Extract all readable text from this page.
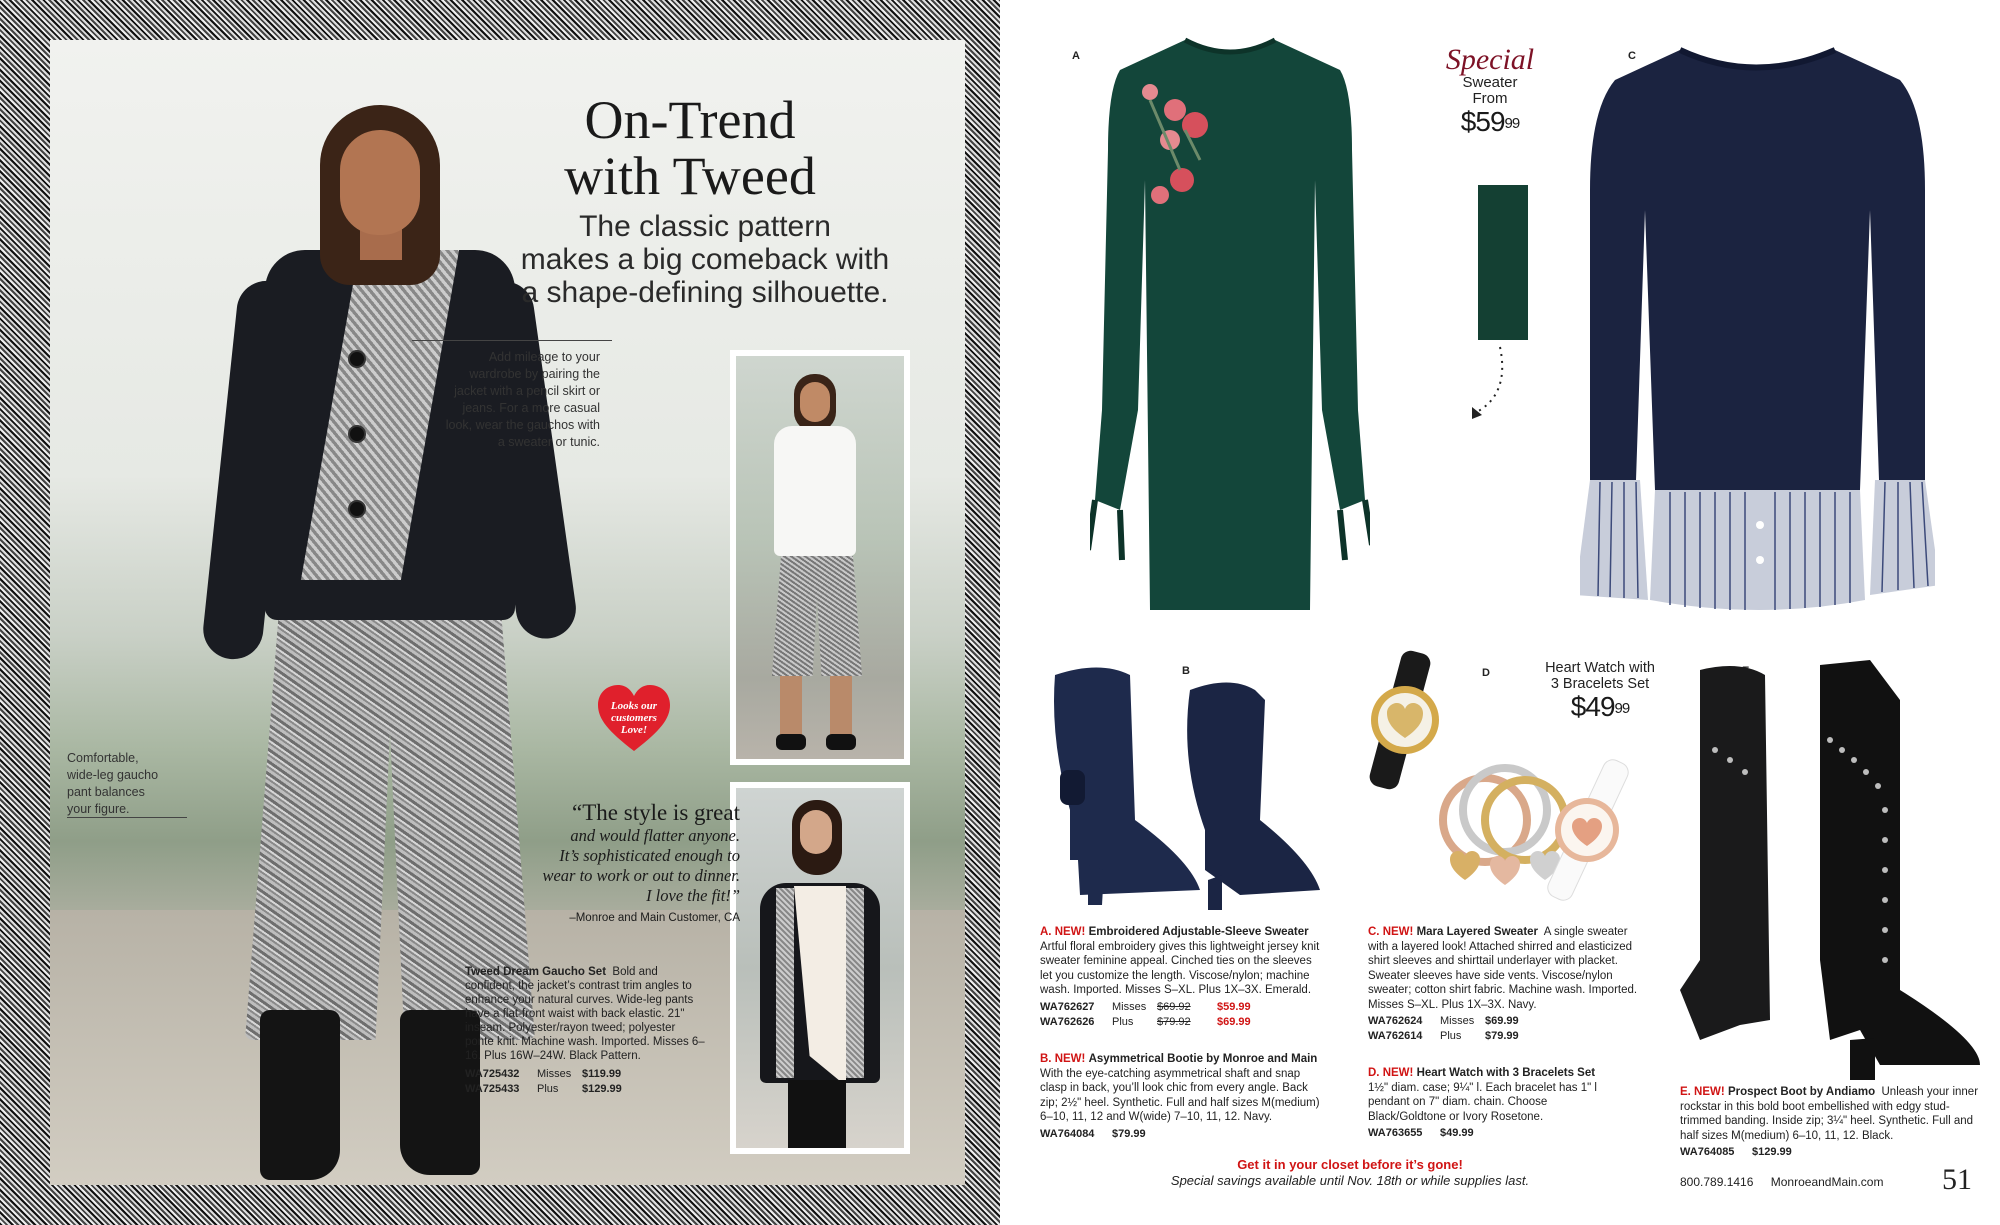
On-Trend
with Tweed
The classic pattern
makes a big comeback with
a shape-defining silhouette.
Add mileage to your wardrobe by pairing the jacket with a pencil skirt or jeans. For a more casual look, wear the gauchos with a sweater or tunic.
Looks our
customers
Love!
Comfortable, wide-leg gaucho pant balances your figure.	“The style is great
and would flatter anyone.
It’s sophisticated enough to
wear to work or out to dinner.
I love the fit!”
–Monroe and Main Customer, CA
Tweed Dream Gaucho Set Bold and confident, the jacket’s contrast trim angles to enhance your natural curves. Wide-leg pants have a flat-front waist with back elastic. 21" inseam. Polyester/rayon tweed; polyester ponte knit. Machine wash. Imported. Misses 6–16. Plus 16W–24W. Black Pattern.
WA725432	Misses $119.99
WA725433	Plus	$129.99
A	C
B	D
Special
Sweater
From
$\$59^{99}$
Heart Watch with
3 Bracelets Set
$\$49^{99}$
A. NEW! Embroidered Adjustable-Sleeve Sweater
Artful floral embroidery gives this lightweight jersey knit sweater feminine appeal. Cinched ties on the sleeves let you customize the length. Viscose/nylon; machine wash. Imported. Misses S–XL. Plus 1X–3X. Emerald.
WA762627	Misses $69.92	$59.99
WA762626	Plus	$79.92	$69.99
B. NEW! Asymmetrical Bootie by Monroe and Main
With the eye-catching asymmetrical shaft and snap clasp in back, you’ll look chic from every angle. Back zip; 2½" heel. Synthetic. Full and half sizes M(medium) 6–10, 11, 12 and W(wide) 7–10, 11, 12. Navy.
WA764084	$79.99
C. NEW! Mara Layered Sweater A single sweater with a layered look! Attached shirred and elasticized shirt sleeves and shirttail underlayer with placket. Sweater sleeves have side vents. Viscose/nylon sweater; cotton shirt fabric. Machine wash. Imported. Misses S–XL. Plus 1X–3X. Navy.
WA762624	Misses $69.99
WA762614	Plus	$79.99
D. NEW! Heart Watch with 3 Bracelets Set
1½" diam. case; 9¼" l. Each bracelet has 1" l pendant on 7" diam. chain. Choose Black/Goldtone or Ivory Rosetone.
WA763655	$49.99
E. NEW! Prospect Boot by Andiamo Unleash your inner rockstar in this bold boot embellished with edgy stud-trimmed banding. Inside zip; 3¼" heel. Synthetic. Full and half sizes M(medium) 6–10, 11, 12. Black.
WA764085	$129.99
Get it in your closet before it’s gone!
Special savings available until Nov. 18th or while supplies last.	800.789.1416 MonroeandMain.com	51
